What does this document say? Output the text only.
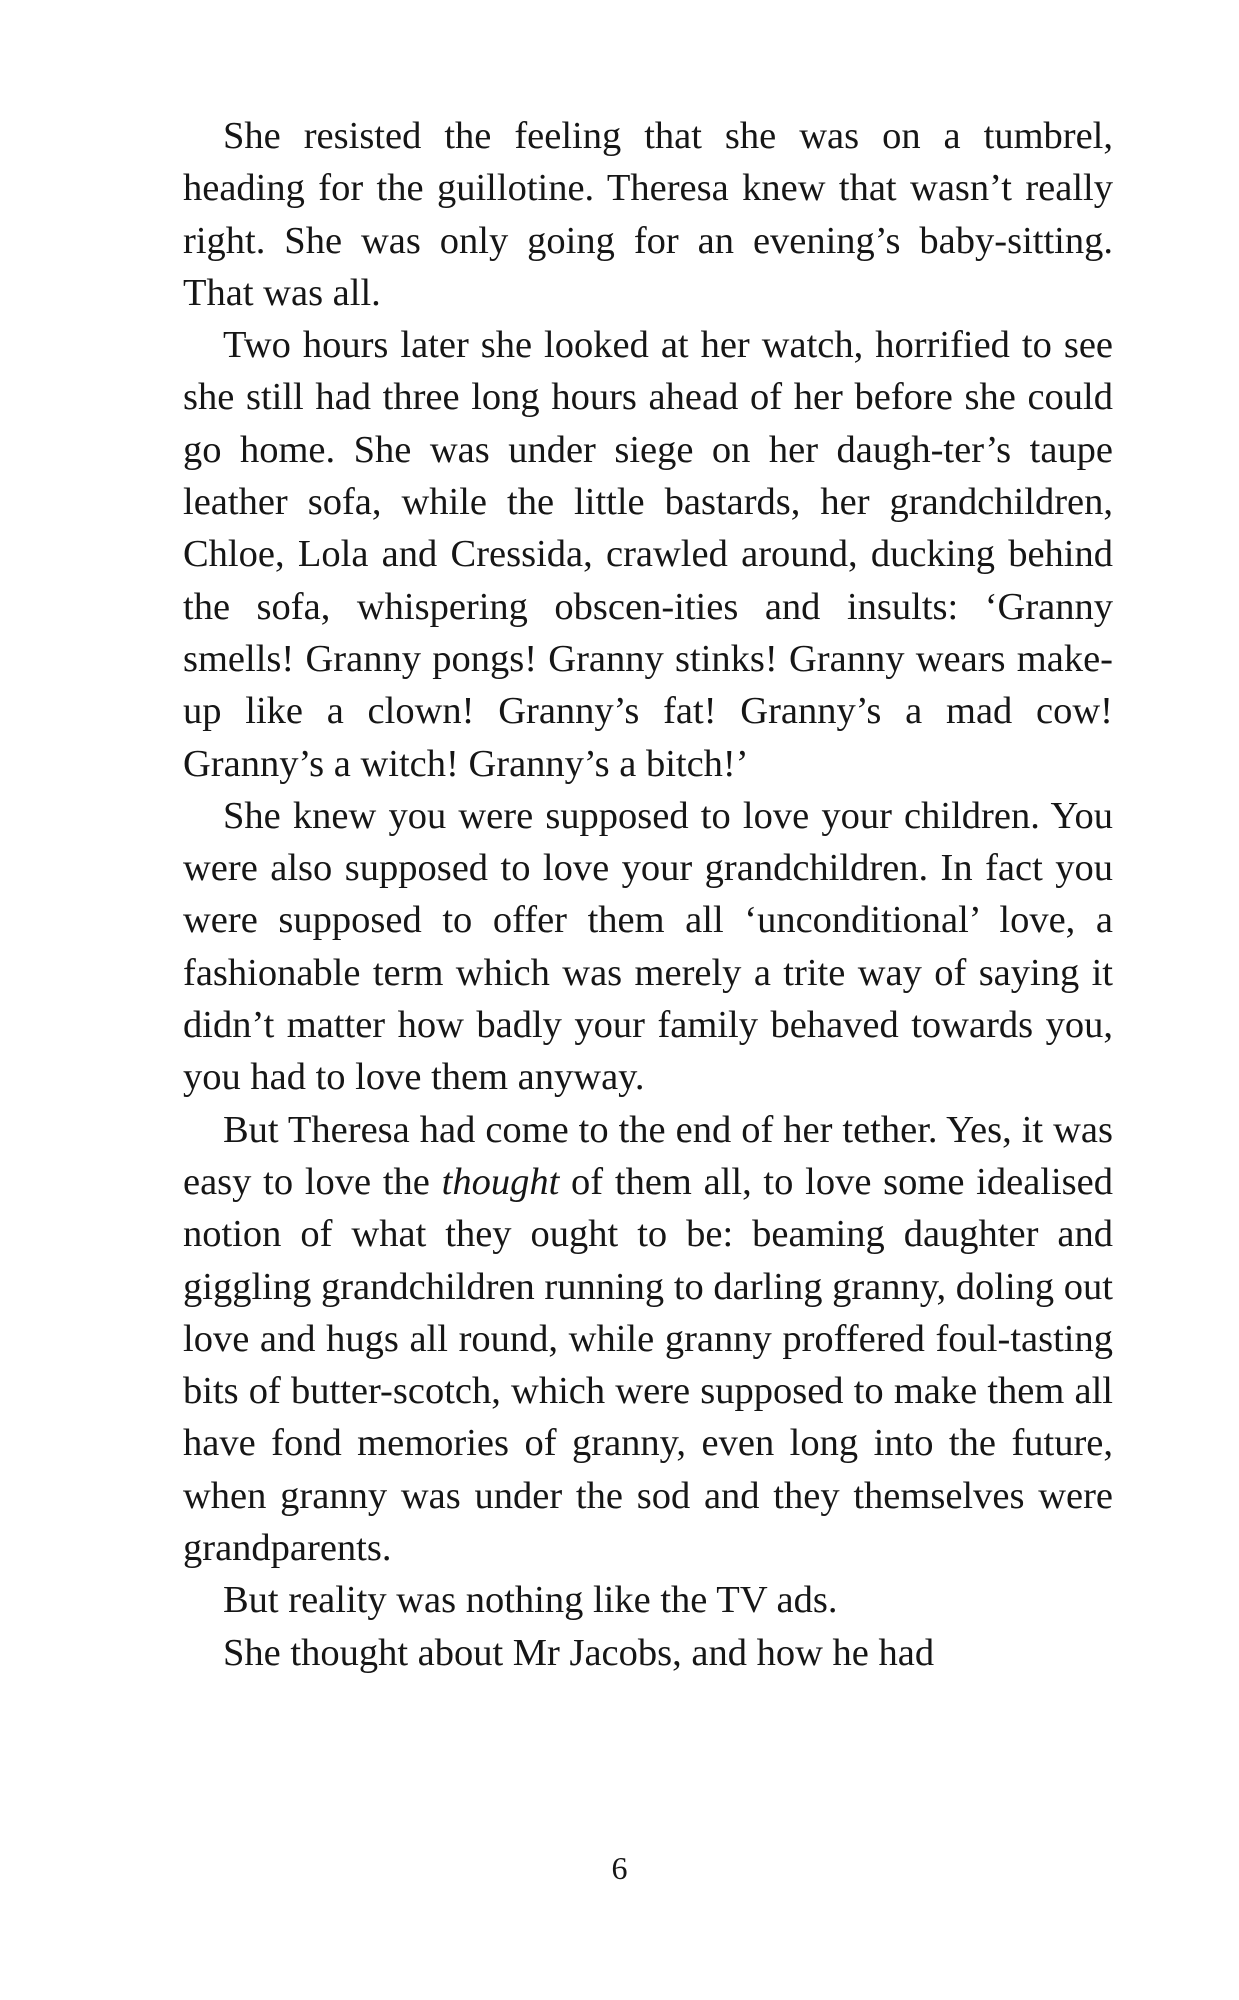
She resisted the feeling that she was on a tumbrel, heading for the guillotine. Theresa knew that wasn’t really right. She was only going for an evening’s baby-sitting. That was all.

Two hours later she looked at her watch, horrified to see she still had three long hours ahead of her before she could go home. She was under siege on her daugh-ter’s taupe leather sofa, while the little bastards, her grandchildren, Chloe, Lola and Cressida, crawled around, ducking behind the sofa, whispering obscen-ities and insults: ‘Granny smells! Granny pongs! Granny stinks! Granny wears make-up like a clown! Granny’s fat! Granny’s a mad cow! Granny’s a witch! Granny’s a bitch!’

She knew you were supposed to love your children. You were also supposed to love your grandchildren. In fact you were supposed to offer them all ‘unconditional’ love, a fashionable term which was merely a trite way of saying it didn’t matter how badly your family behaved towards you, you had to love them anyway.

But Theresa had come to the end of her tether. Yes, it was easy to love the thought of them all, to love some idealised notion of what they ought to be: beaming daughter and giggling grandchildren running to darling granny, doling out love and hugs all round, while granny proffered foul-tasting bits of butter-scotch, which were supposed to make them all have fond memories of granny, even long into the future, when granny was under the sod and they themselves were grandparents.

But reality was nothing like the TV ads.

She thought about Mr Jacobs, and how he had

6
